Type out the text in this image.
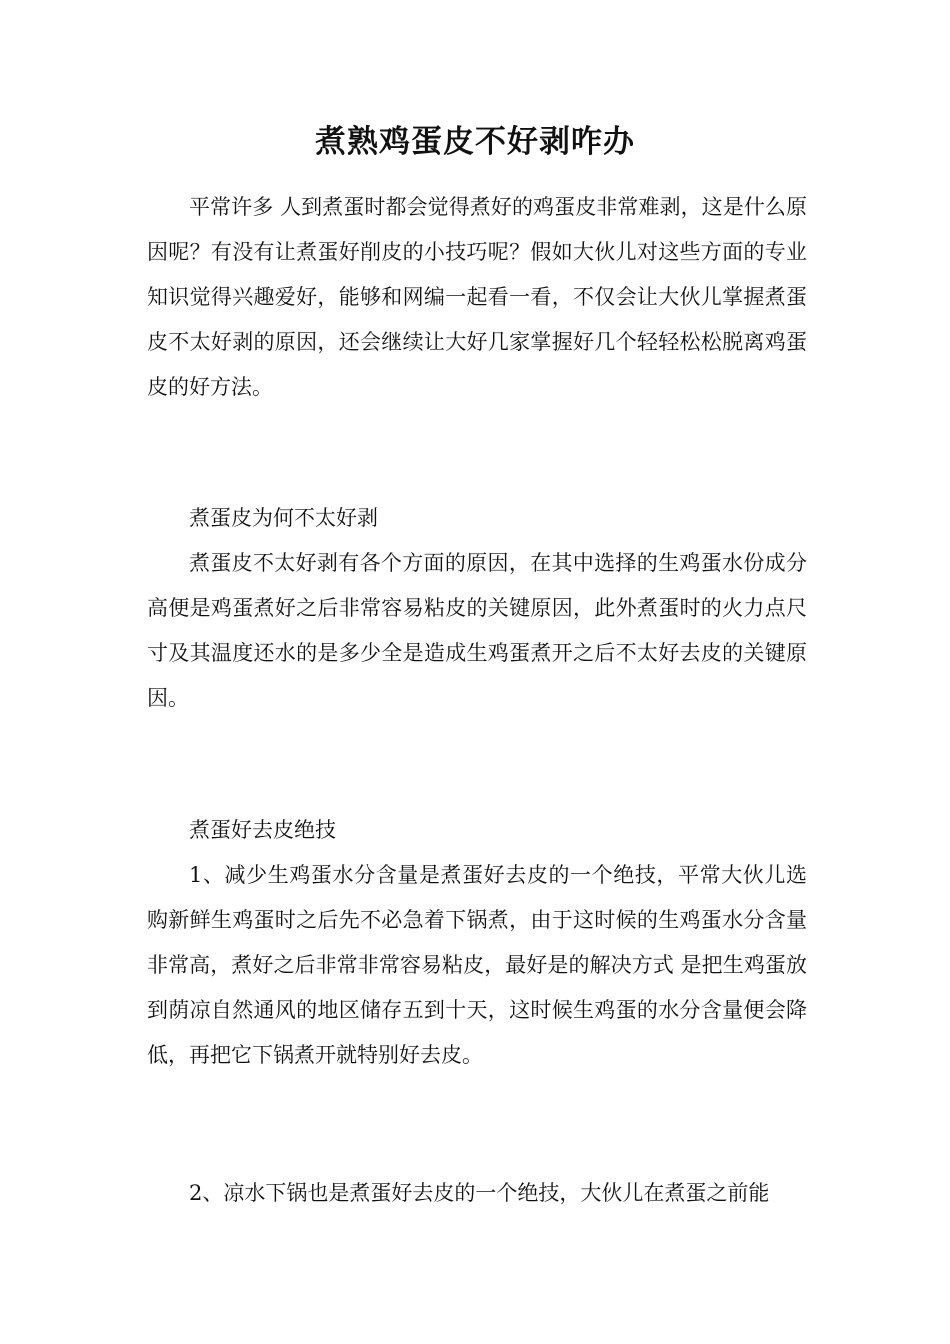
煮熟鸡蛋皮不好剥咋办

平常许多 人到煮蛋时都会觉得煮好的鸡蛋皮非常难剥，这是什么原因呢？有没有让煮蛋好削皮的小技巧呢？假如大伙儿对这些方面的专业知识觉得兴趣爱好，能够和网编一起看一看，不仅会让大伙儿掌握煮蛋皮不太好剥的原因，还会继续让大好几家掌握好几个轻轻松松脱离鸡蛋皮的好方法。

煮蛋皮为何不太好剥

煮蛋皮不太好剥有各个方面的原因，在其中选择的生鸡蛋水份成分高便是鸡蛋煮好之后非常容易粘皮的关键原因，此外煮蛋时的火力点尺寸及其温度还水的是多少全是造成生鸡蛋煮开之后不太好去皮的关键原因。

煮蛋好去皮绝技

1、减少生鸡蛋水分含量是煮蛋好去皮的一个绝技，平常大伙儿选购新鲜生鸡蛋时之后先不必急着下锅煮，由于这时候的生鸡蛋水分含量非常高，煮好之后非常非常容易粘皮，最好是的解决方式 是把生鸡蛋放到荫凉自然通风的地区储存五到十天，这时候生鸡蛋的水分含量便会降低，再把它下锅煮开就特别好去皮。

2、凉水下锅也是煮蛋好去皮的一个绝技，大伙儿在煮蛋之前能
